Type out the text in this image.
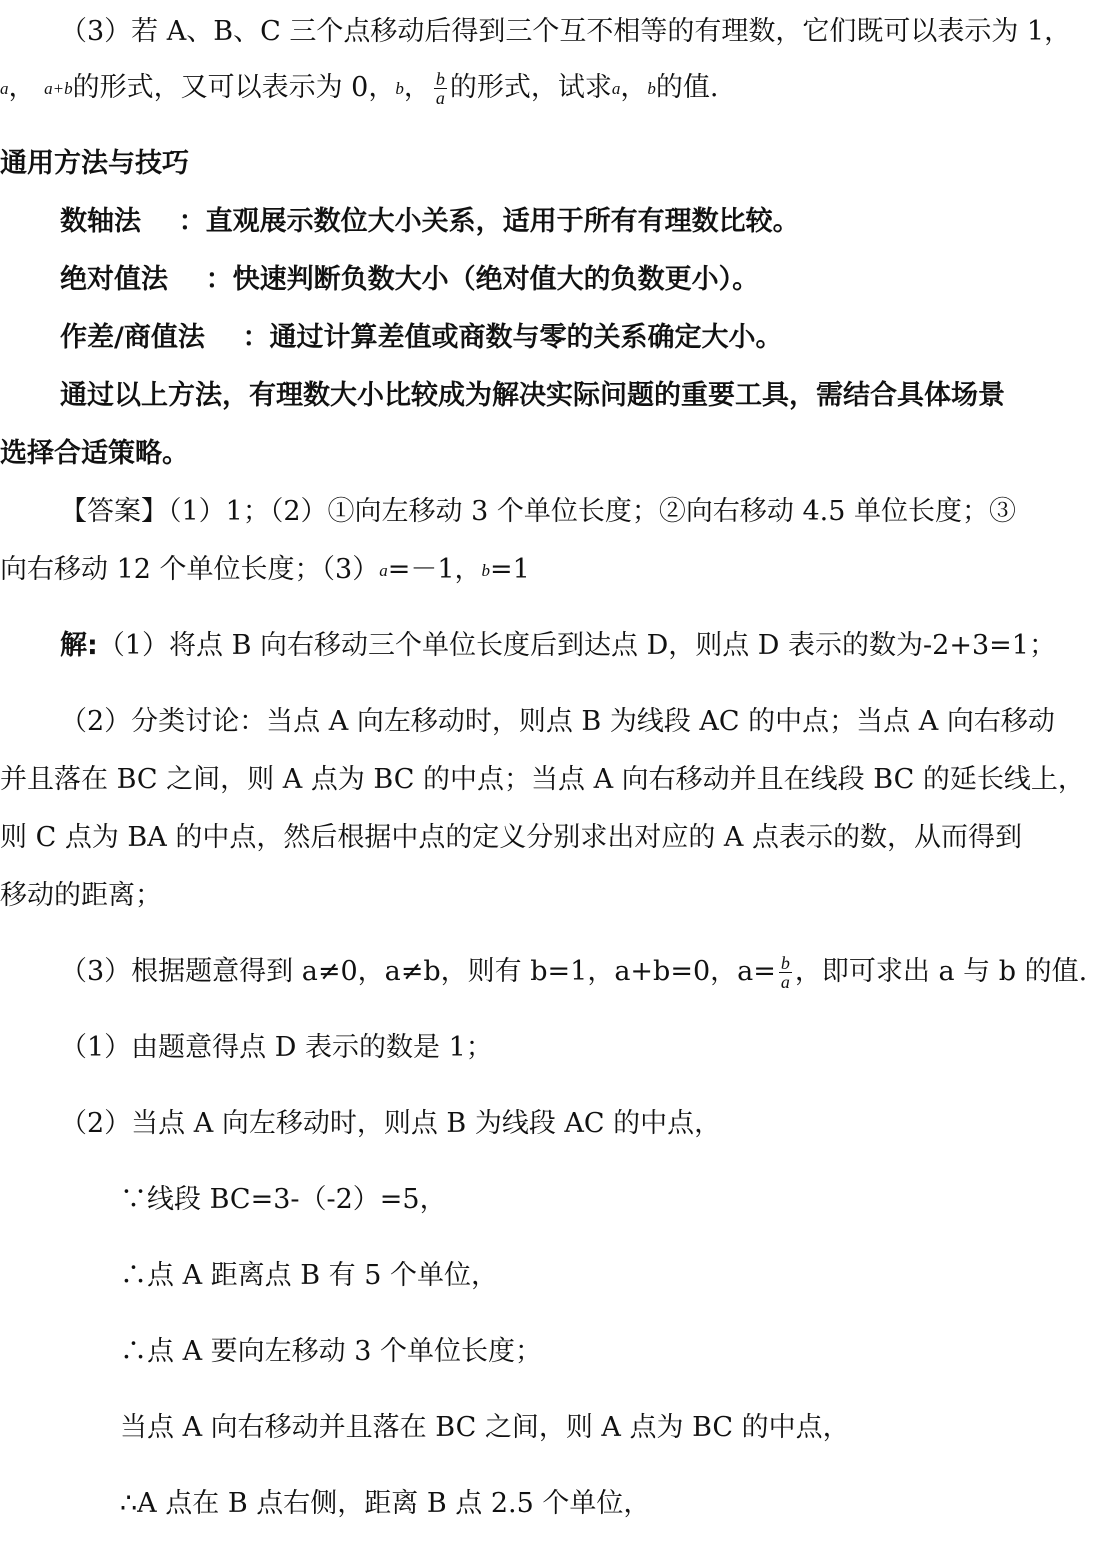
（3）若 A、B、C 三个点移动后得到三个互不相等的有理数，它们既可以表示为 1，
a， a+b的形式，又可以表示为 0，b， $\frac{b}{a}$ 的形式，试求a，b的值.
通用方法与技巧
数轴法 ：直观展示数位大小关系，适用于所有有理数比较。
绝对值法 ：快速判断负数大小（绝对值大的负数更小）。
作差/商值法 ：通过计算差值或商数与零的关系确定大小。
通过以上方法，有理数大小比较成为解决实际问题的重要工具，需结合具体场景
选择合适策略。
【答案】（1）1；（2）①向左移动 3 个单位长度；②向右移动 4.5 单位长度；③
向右移动 12 个单位长度；（3）a=－1，b=1
解:（1）将点 B 向右移动三个单位长度后到达点 D，则点 D 表示的数为-2+3=1；
（2）分类讨论：当点 A 向左移动时，则点 B 为线段 AC 的中点；当点 A 向右移动
并且落在 BC 之间，则 A 点为 BC 的中点；当点 A 向右移动并且在线段 BC 的延长线上，
则 C 点为 BA 的中点，然后根据中点的定义分别求出对应的 A 点表示的数，从而得到
移动的距离；
（3）根据题意得到 a≠0，a≠b，则有 b=1，a+b=0，$a= \frac{b}{a}$ ，即可求出 a 与 b 的值.
（1）由题意得点 D 表示的数是 1；
（2）当点 A 向左移动时，则点 B 为线段 AC 的中点，
∵线段 BC=3-（-2）=5，
∴点 A 距离点 B 有 5 个单位，
∴点 A 要向左移动 3 个单位长度；
当点 A 向右移动并且落在 BC 之间，则 A 点为 BC 的中点，
∴A 点在 B 点右侧，距离 B 点 2.5 个单位，
